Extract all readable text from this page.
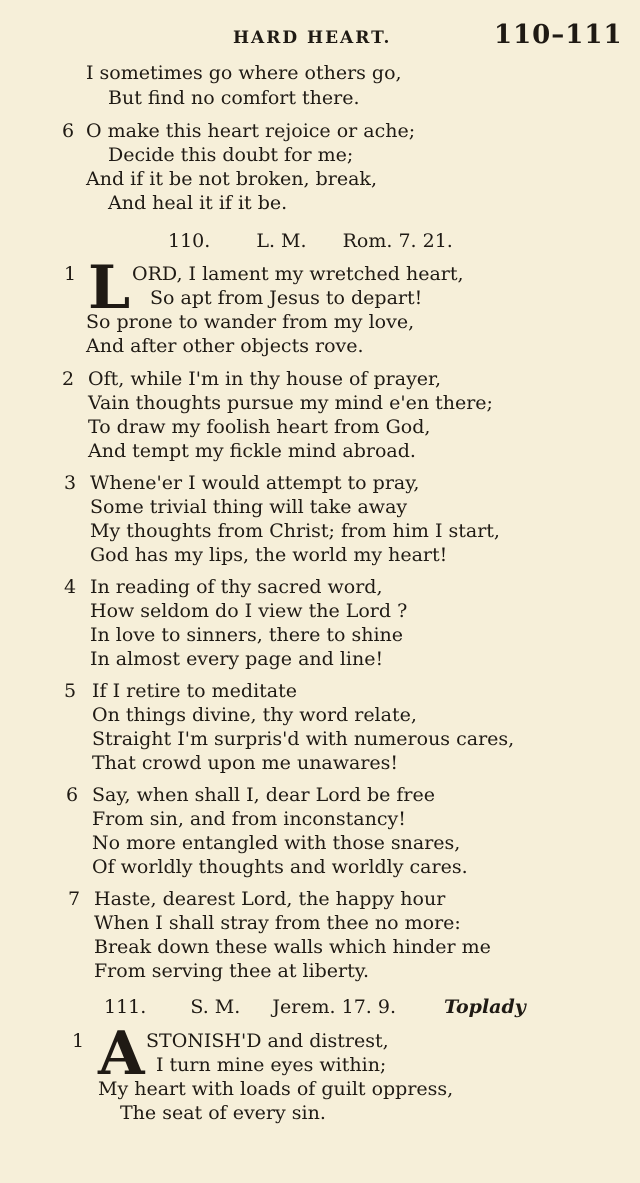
HARD HEART.	110–111
I sometimes go where others go,
But find no comfort there.
6 O make this heart rejoice or ache;
Decide this doubt for me;
And if it be not broken, break,
And heal it if it be.
110. L. M. Rom. 7. 21.
1 L ORD, I lament my wretched heart,
So apt from Jesus to depart!
So prone to wander from my love,
And after other objects rove.
2 Oft, while I'm in thy house of prayer,
Vain thoughts pursue my mind e'en there;
To draw my foolish heart from God,
And tempt my fickle mind abroad.
3 Whene'er I would attempt to pray,
Some trivial thing will take away
My thoughts from Christ; from him I start,
God has my lips, the world my heart!
4 In reading of thy sacred word,
How seldom do I view the Lord ?
In love to sinners, there to shine
In almost every page and line!
5 If I retire to meditate
On things divine, thy word relate,
Straight I'm surpris'd with numerous cares,
That crowd upon me unawares!
6 Say, when shall I, dear Lord be free
From sin, and from inconstancy!
No more entangled with those snares,
Of worldly thoughts and worldly cares.
7 Haste, dearest Lord, the happy hour
When I shall stray from thee no more:
Break down these walls which hinder me
From serving thee at liberty.
111. S. M. Jerem. 17. 9.	Toplady
1 A STONISH'D and distrest,
I turn mine eyes within;
My heart with loads of guilt oppress,
The seat of every sin.
